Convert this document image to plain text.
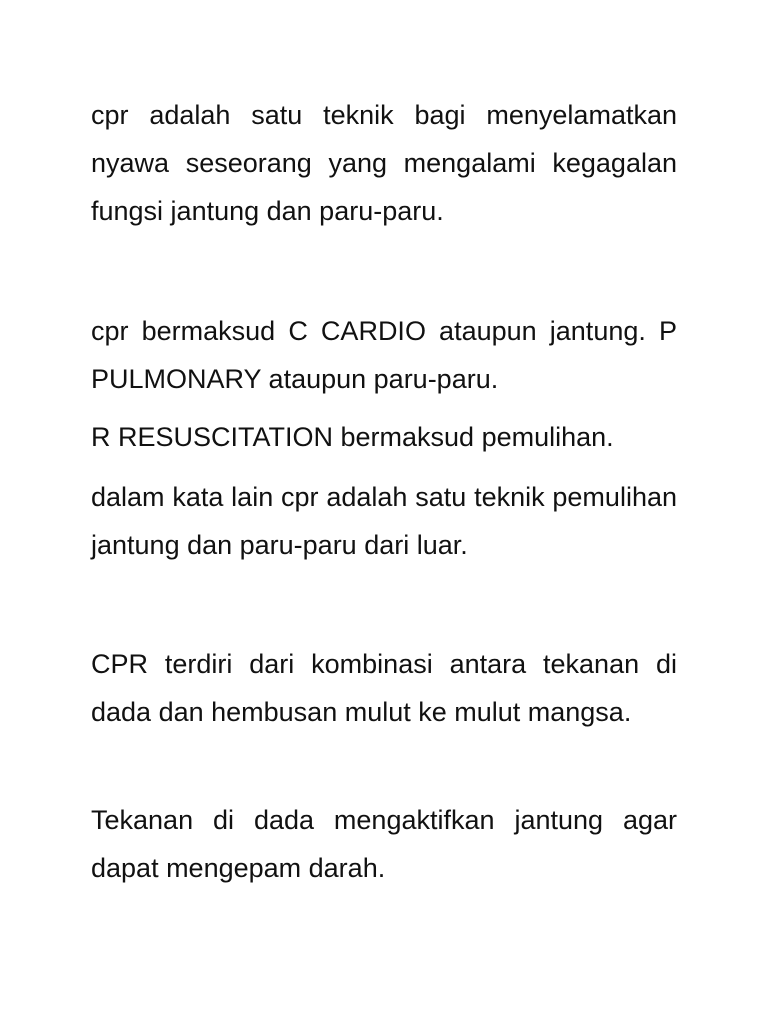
cpr adalah satu teknik bagi menyelamatkan nyawa seseorang yang mengalami kegagalan fungsi jantung dan paru-paru.

cpr bermaksud C CARDIO ataupun jantung. P PULMONARY ataupun paru-paru.

R RESUSCITATION bermaksud pemulihan.

dalam kata lain cpr adalah satu teknik pemulihan jantung dan paru-paru dari luar.

CPR terdiri dari kombinasi antara tekanan di dada dan hembusan mulut ke mulut mangsa.

Tekanan di dada mengaktifkan jantung agar dapat mengepam darah.
